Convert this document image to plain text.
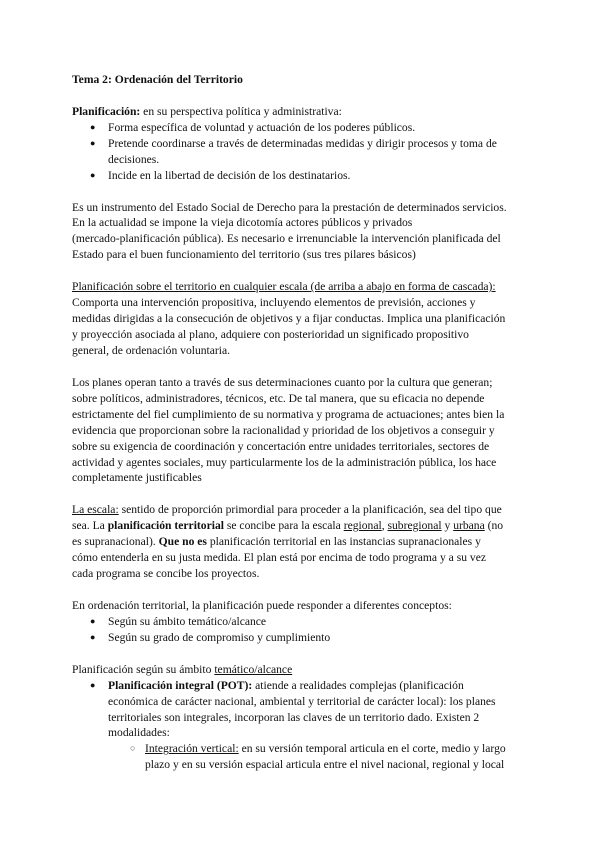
Tema 2: Ordenación del Territorio
Planificación: en su perspectiva política y administrativa:
● Forma específica de voluntad y actuación de los poderes públicos.
● Pretende coordinarse a través de determinadas medidas y dirigir procesos y toma de
decisiones.
● Incide en la libertad de decisión de los destinatarios.
Es un instrumento del Estado Social de Derecho para la prestación de determinados servicios.
En la actualidad se impone la vieja dicotomía actores públicos y privados
(mercado-planificación pública). Es necesario e irrenunciable la intervención planificada del
Estado para el buen funcionamiento del territorio (sus tres pilares básicos)
Planificación sobre el territorio en cualquier escala (de arriba a abajo en forma de cascada):
Comporta una intervención propositiva, incluyendo elementos de previsión, acciones y
medidas dirigidas a la consecución de objetivos y a fijar conductas. Implica una planificación
y proyección asociada al plano, adquiere con posterioridad un significado propositivo
general, de ordenación voluntaria.
Los planes operan tanto a través de sus determinaciones cuanto por la cultura que generan;
sobre políticos, administradores, técnicos, etc. De tal manera, que su eficacia no depende
estrictamente del fiel cumplimiento de su normativa y programa de actuaciones; antes bien la
evidencia que proporcionan sobre la racionalidad y prioridad de los objetivos a conseguir y
sobre su exigencia de coordinación y concertación entre unidades territoriales, sectores de
actividad y agentes sociales, muy particularmente los de la administración pública, los hace
completamente justificables
La escala: sentido de proporción primordial para proceder a la planificación, sea del tipo que
sea. La planificación territorial se concibe para la escala regional, subregional y urbana (no
es supranacional). Que no es planificación territorial en las instancias supranacionales y
cómo entenderla en su justa medida. El plan está por encima de todo programa y a su vez
cada programa se concibe los proyectos.
En ordenación territorial, la planificación puede responder a diferentes conceptos:
● Según su ámbito temático/alcance
● Según su grado de compromiso y cumplimiento
Planificación según su ámbito temático/alcance
● Planificación integral (POT): atiende a realidades complejas (planificación
económica de carácter nacional, ambiental y territorial de carácter local): los planes
territoriales son integrales, incorporan las claves de un territorio dado. Existen 2
modalidades:
○ Integración vertical: en su versión temporal articula en el corte, medio y largo
plazo y en su versión espacial articula entre el nivel nacional, regional y local
